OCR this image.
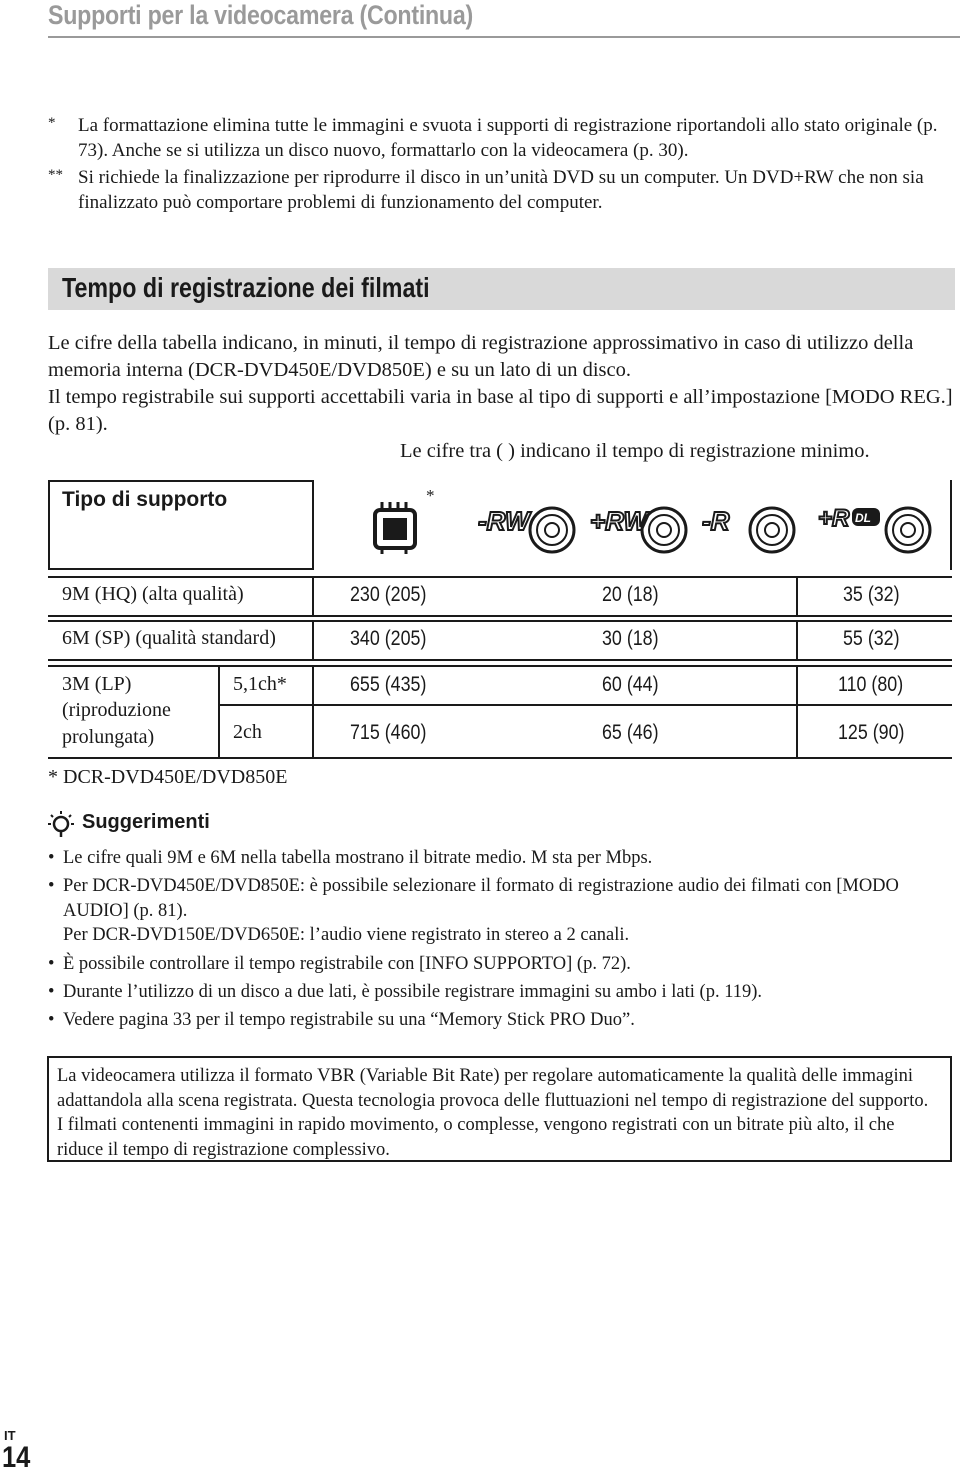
Supporti per la videocamera (Continua)
* La formattazione elimina tutte le immagini e svuota i supporti di registrazione riportandoli allo stato originale (p. 73). Anche se si utilizza un disco nuovo, formattarlo con la videocamera (p. 30).
** Si richiede la finalizzazione per riprodurre il disco in un’unità DVD su un computer. Un DVD+RW che non sia finalizzato può comportare problemi di funzionamento del computer.
Tempo di registrazione dei filmati
Le cifre della tabella indicano, in minuti, il tempo di registrazione approssimativo in caso di utilizzo della memoria interna (DCR-DVD450E/DVD850E) e su un lato di un disco.
Il tempo registrabile sui supporti accettabili varia in base al tipo di supporti e all’impostazione [MODO REG.] (p. 81).
Le cifre tra ( ) indicano il tempo di registrazione minimo.
Tipo di supporto	*
-RW +RW -R	+R DL
9M (HQ) (alta qualità)	230 (205)	20 (18)	35 (32)
6M (SP) (qualità standard)	340 (205)	30 (18)	55 (32)
3M (LP)
(riproduzione
prolungata)
5,1ch*	655 (435)	60 (44)	110 (80)
2ch	715 (460)	65 (46)	125 (90)
* DCR-DVD450E/DVD850E
Suggerimenti
• Le cifre quali 9M e 6M nella tabella mostrano il bitrate medio. M sta per Mbps.
• Per DCR-DVD450E/DVD850E: è possibile selezionare il formato di registrazione audio dei filmati con [MODO AUDIO] (p. 81).
Per DCR-DVD150E/DVD650E: l’audio viene registrato in stereo a 2 canali.
• È possibile controllare il tempo registrabile con [INFO SUPPORTO] (p. 72).
• Durante l’utilizzo di un disco a due lati, è possibile registrare immagini su ambo i lati (p. 119).
• Vedere pagina 33 per il tempo registrabile su una “Memory Stick PRO Duo”.
La videocamera utilizza il formato VBR (Variable Bit Rate) per regolare automaticamente la qualità delle immagini adattandola alla scena registrata. Questa tecnologia provoca delle fluttuazioni nel tempo di registrazione del supporto. I filmati contenenti immagini in rapido movimento, o complesse, vengono registrati con un bitrate più alto, il che riduce il tempo di registrazione complessivo.
IT
14
